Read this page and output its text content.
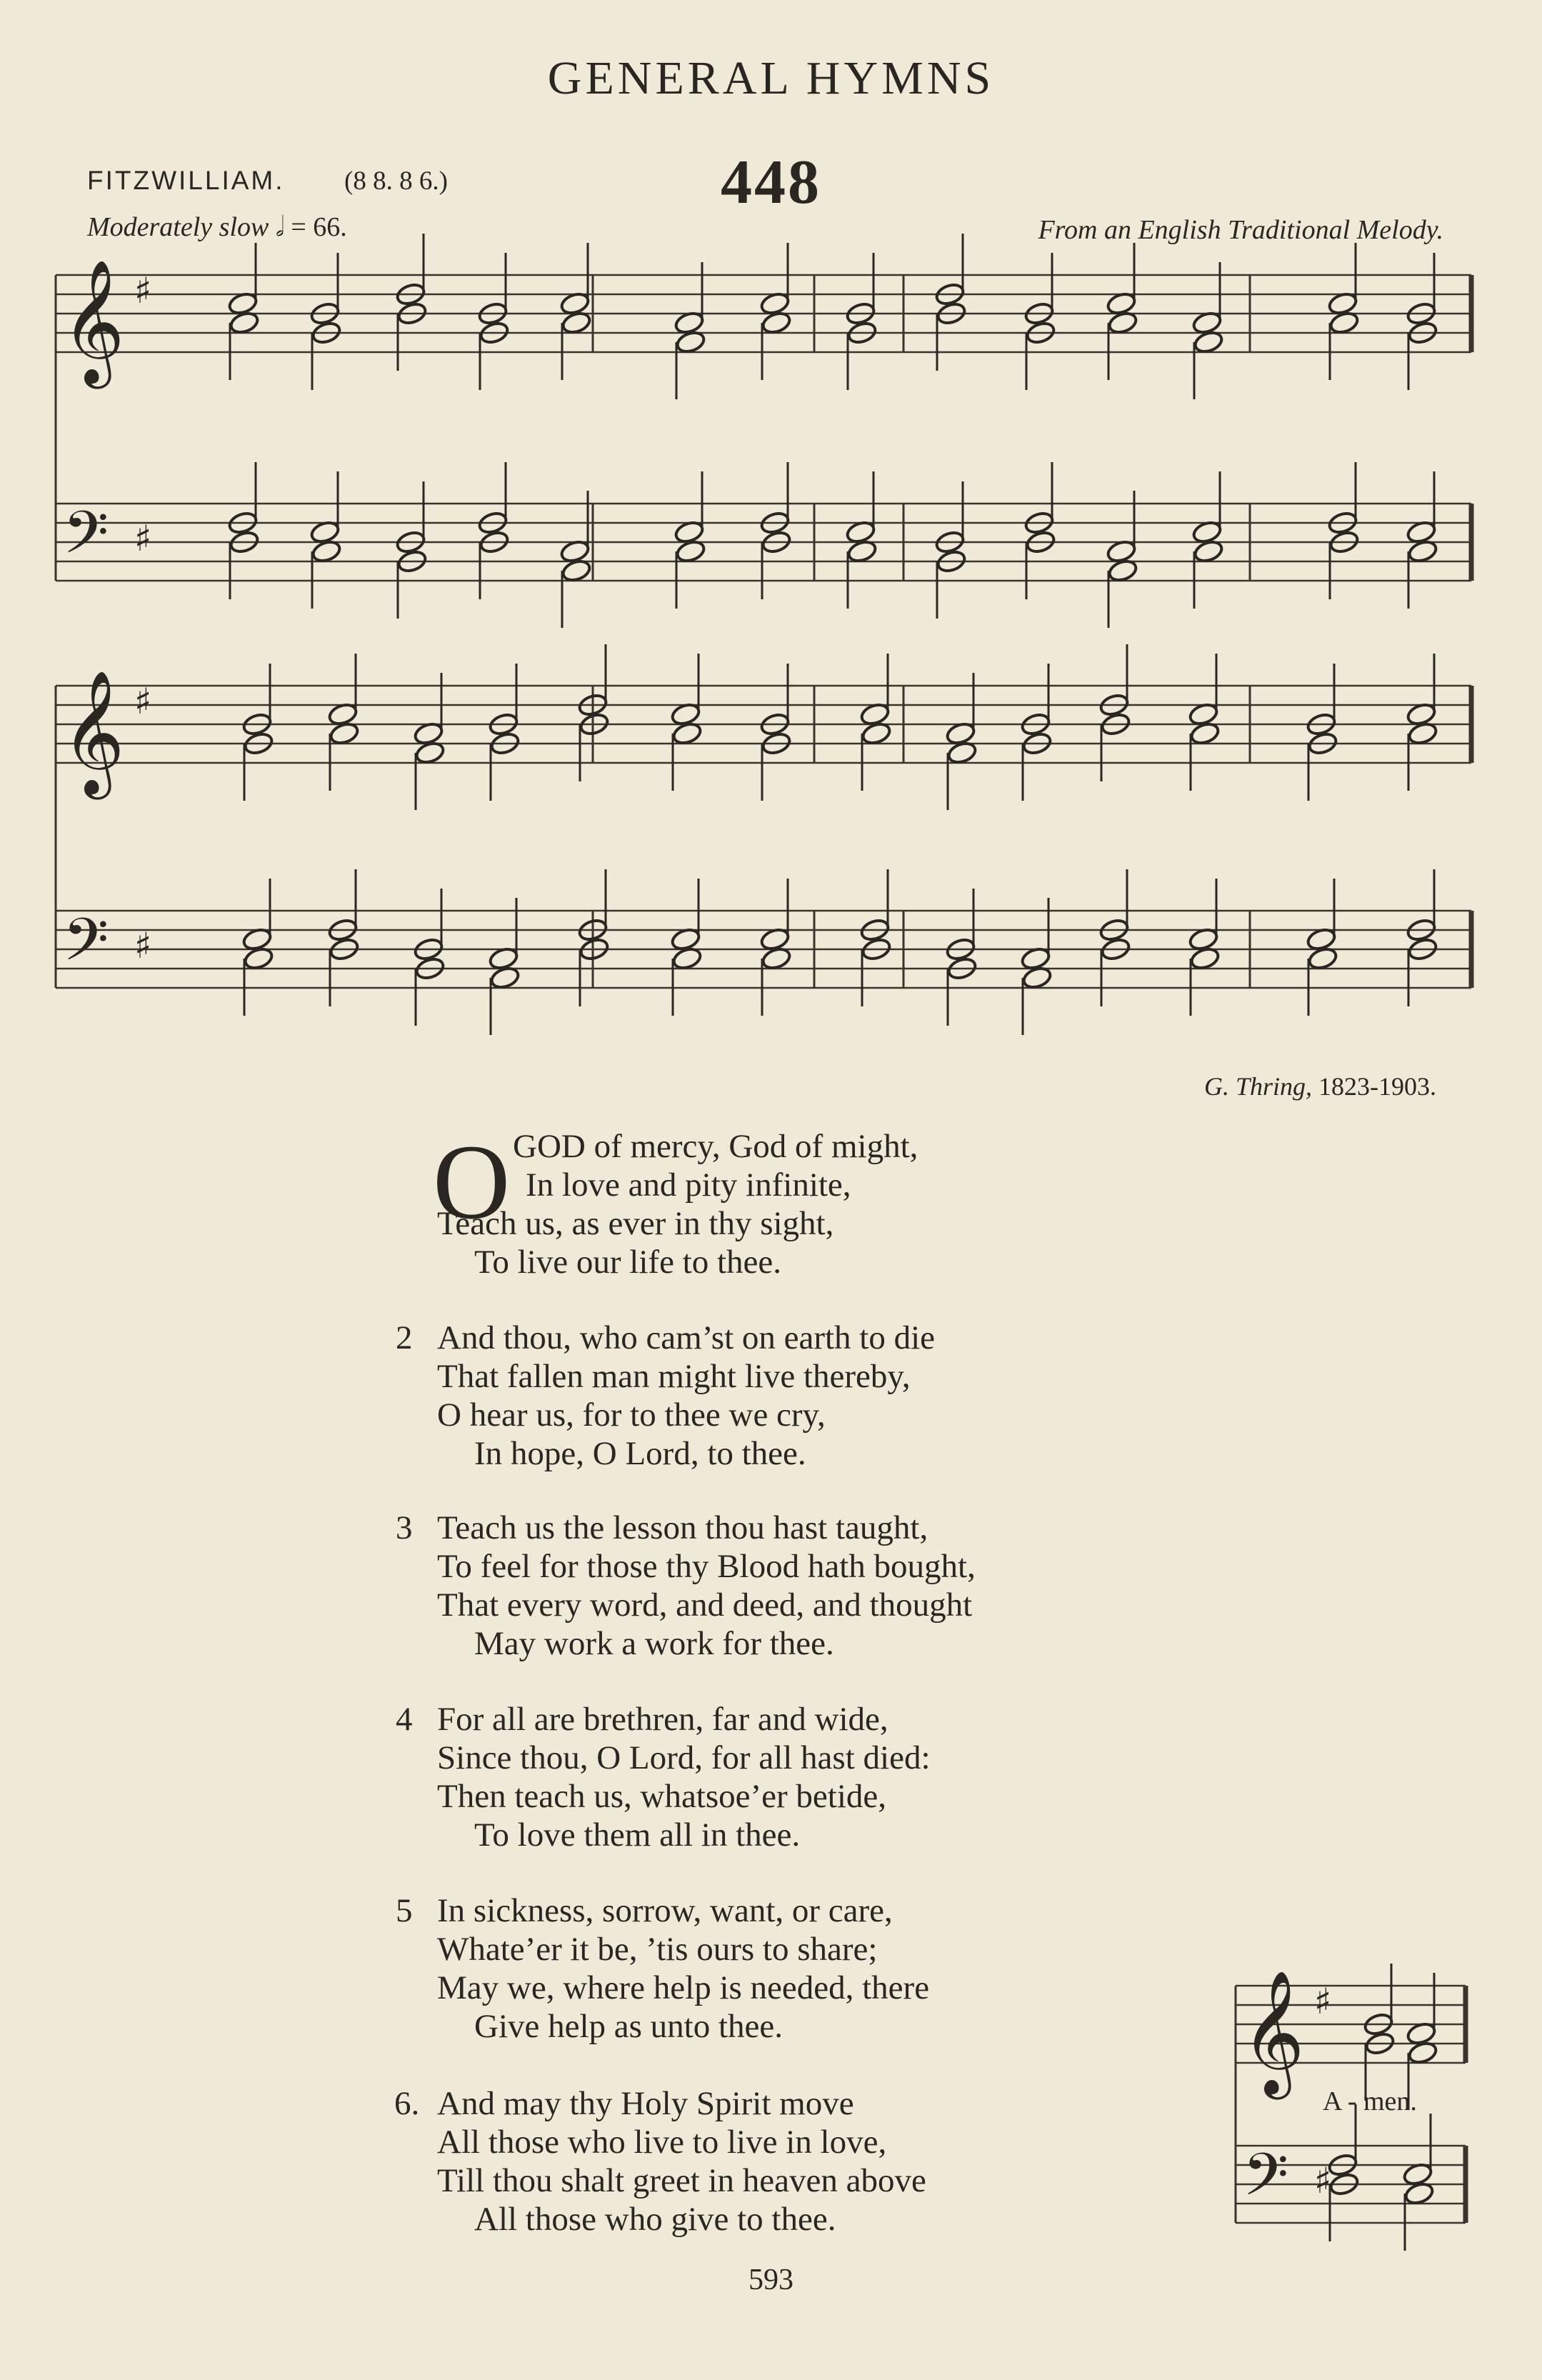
GENERAL HYMNS
FITZWILLIAM. (8 8. 8 6.)	448
Moderately slow 𝅗𝅥 = 66.	From an English Traditional Melody.
𝄞
𝄢
♯
♯
𝄞
𝄢
♯
♯
𝄞
𝄢
♯
♯
G. Thring, 1823-1903.
O GOD of mercy, God of might,
In love and pity infinite,
Teach us, as ever in thy sight,
To live our life to thee.
2 And thou, who cam’st on earth to die
That fallen man might live thereby,
O hear us, for to thee we cry,
In hope, O Lord, to thee.
3 Teach us the lesson thou hast taught,
To feel for those thy Blood hath bought,
That every word, and deed, and thought
May work a work for thee.
4 For all are brethren, far and wide,
Since thou, O Lord, for all hast died:
Then teach us, whatsoe’er betide,
To love them all in thee.
5 In sickness, sorrow, want, or care,
Whate’er it be, ’tis ours to share;
May we, where help is needed, there
Give help as unto thee.
6. And may thy Holy Spirit move
All those who live to live in love,
Till thou shalt greet in heaven above
All those who give to thee.
A - men.
593
